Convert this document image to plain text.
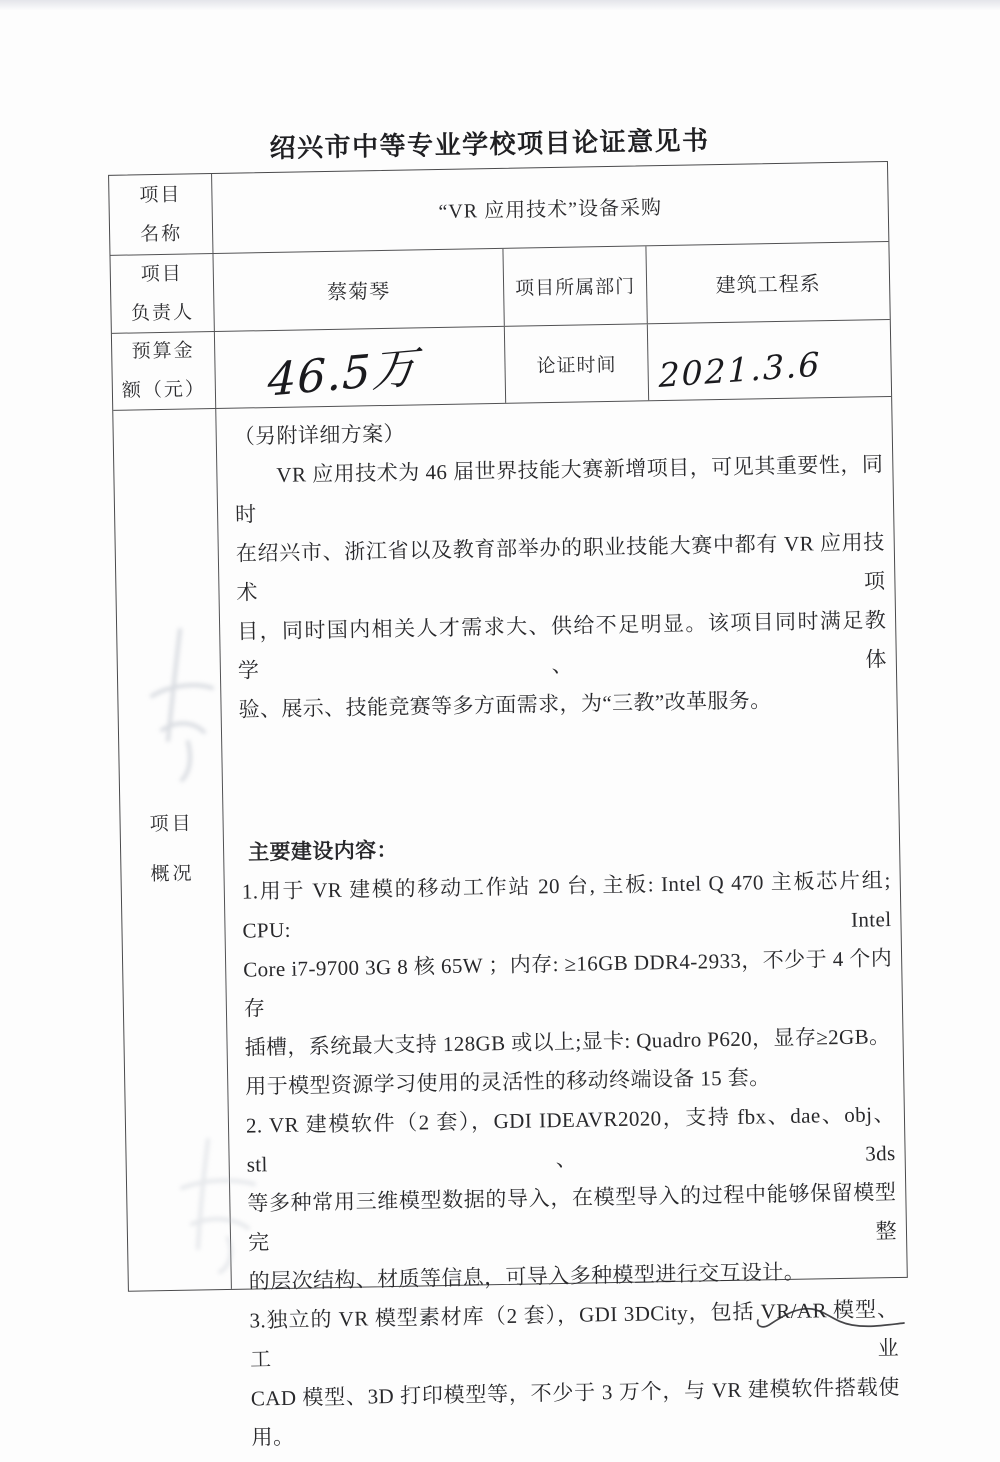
绍兴市中等专业学校项目论证意见书
项目
名称
“VR 应用技术”设备采购
项目
负责人
蔡菊琴	项目所属部门	建筑工程系
预算金
额（元）	46.5万	论证时间	2021.3.6
项目
概况
（另附详细方案）
VR 应用技术为 46 届世界技能大赛新增项目，可见其重要性，同时
在绍兴市、浙江省以及教育部举办的职业技能大赛中都有 VR 应用技术项
目，同时国内相关人才需求大、供给不足明显。该项目同时满足教学、体
验、展示、技能竞赛等多方面需求，为“三教”改革服务。
主要建设内容：
1.用于 VR 建模的移动工作站 20 台, 主板: Intel Q 470 主板芯片组; CPU: Intel
Core i7-9700 3G 8 核 65W ；内存: ≥16GB DDR4-2933，不少于 4 个内存
插槽，系统最大支持 128GB 或以上;显卡: Quadro P620，显存≥2GB。
用于模型资源学习使用的灵活性的移动终端设备 15 套。
2. VR 建模软件（2 套），GDI IDEAVR2020，支持 fbx、dae、obj、stl、3ds
等多种常用三维模型数据的导入，在模型导入的过程中能够保留模型完整
的层次结构、材质等信息，可导入多种模型进行交互设计。
3.独立的 VR 模型素材库（2 套），GDI 3DCity，包括 VR/AR 模型、工业
CAD 模型、3D 打印模型等，不少于 3 万个，与 VR 建模软件搭载使用。
